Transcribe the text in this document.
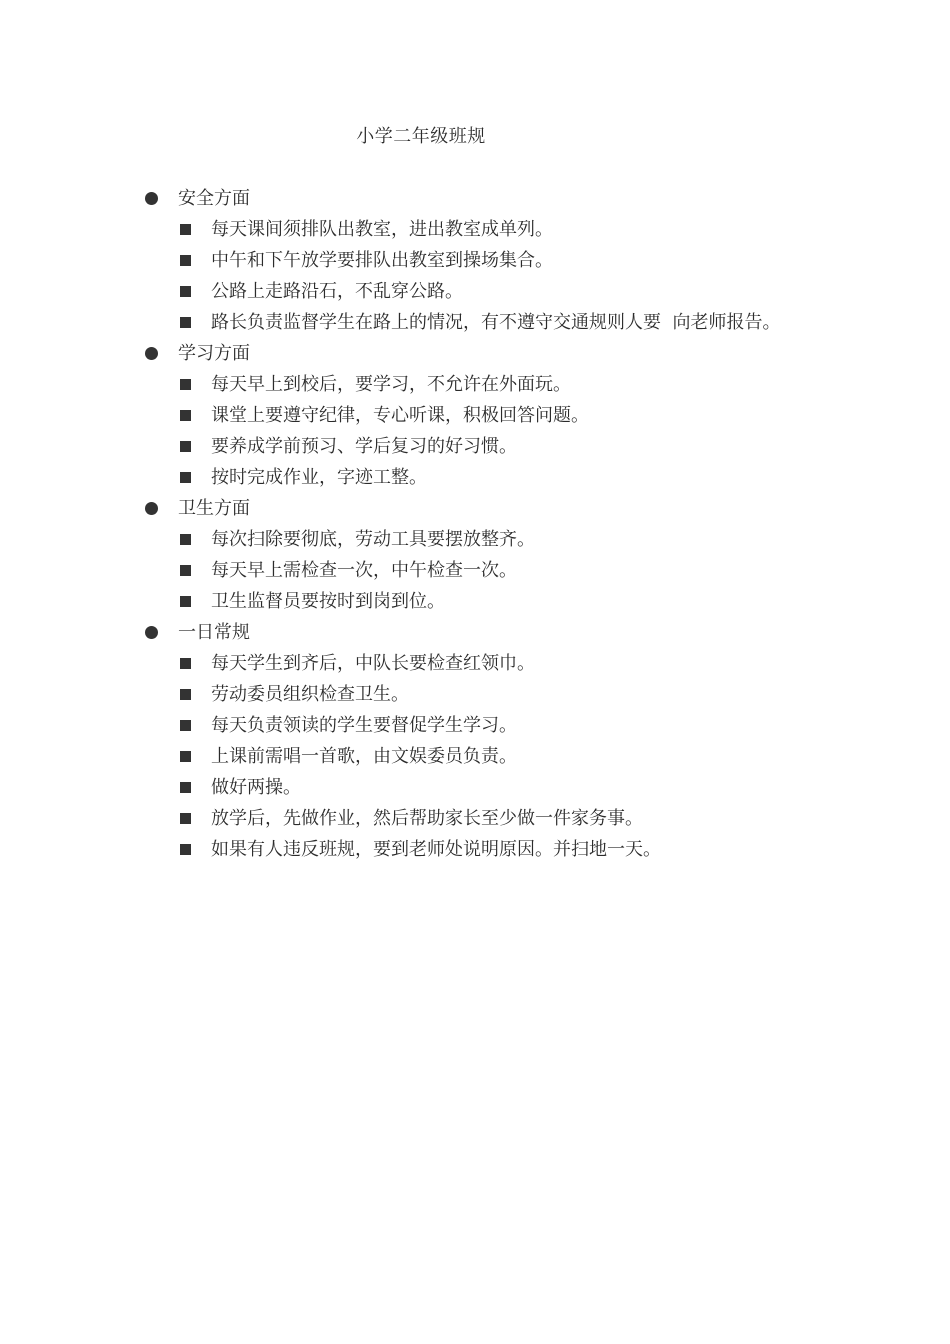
小学二年级班规
安全方面
每天课间须排队出教室，进出教室成单列。
中午和下午放学要排队出教室到操场集合。
公路上走路沿石，不乱穿公路。
路长负责监督学生在路上的情况，有不遵守交通规则人要  向老师报告。
学习方面
每天早上到校后，要学习，不允许在外面玩。
课堂上要遵守纪律，专心听课，积极回答问题。
要养成学前预习、学后复习的好习惯。
按时完成作业，字迹工整。
卫生方面
每次扫除要彻底，劳动工具要摆放整齐。
每天早上需检查一次，中午检查一次。
卫生监督员要按时到岗到位。
一日常规
每天学生到齐后，中队长要检查红领巾。
劳动委员组织检查卫生。
每天负责领读的学生要督促学生学习。
上课前需唱一首歌，由文娱委员负责。
做好两操。
放学后，先做作业，然后帮助家长至少做一件家务事。
如果有人违反班规，要到老师处说明原因。并扫地一天。
